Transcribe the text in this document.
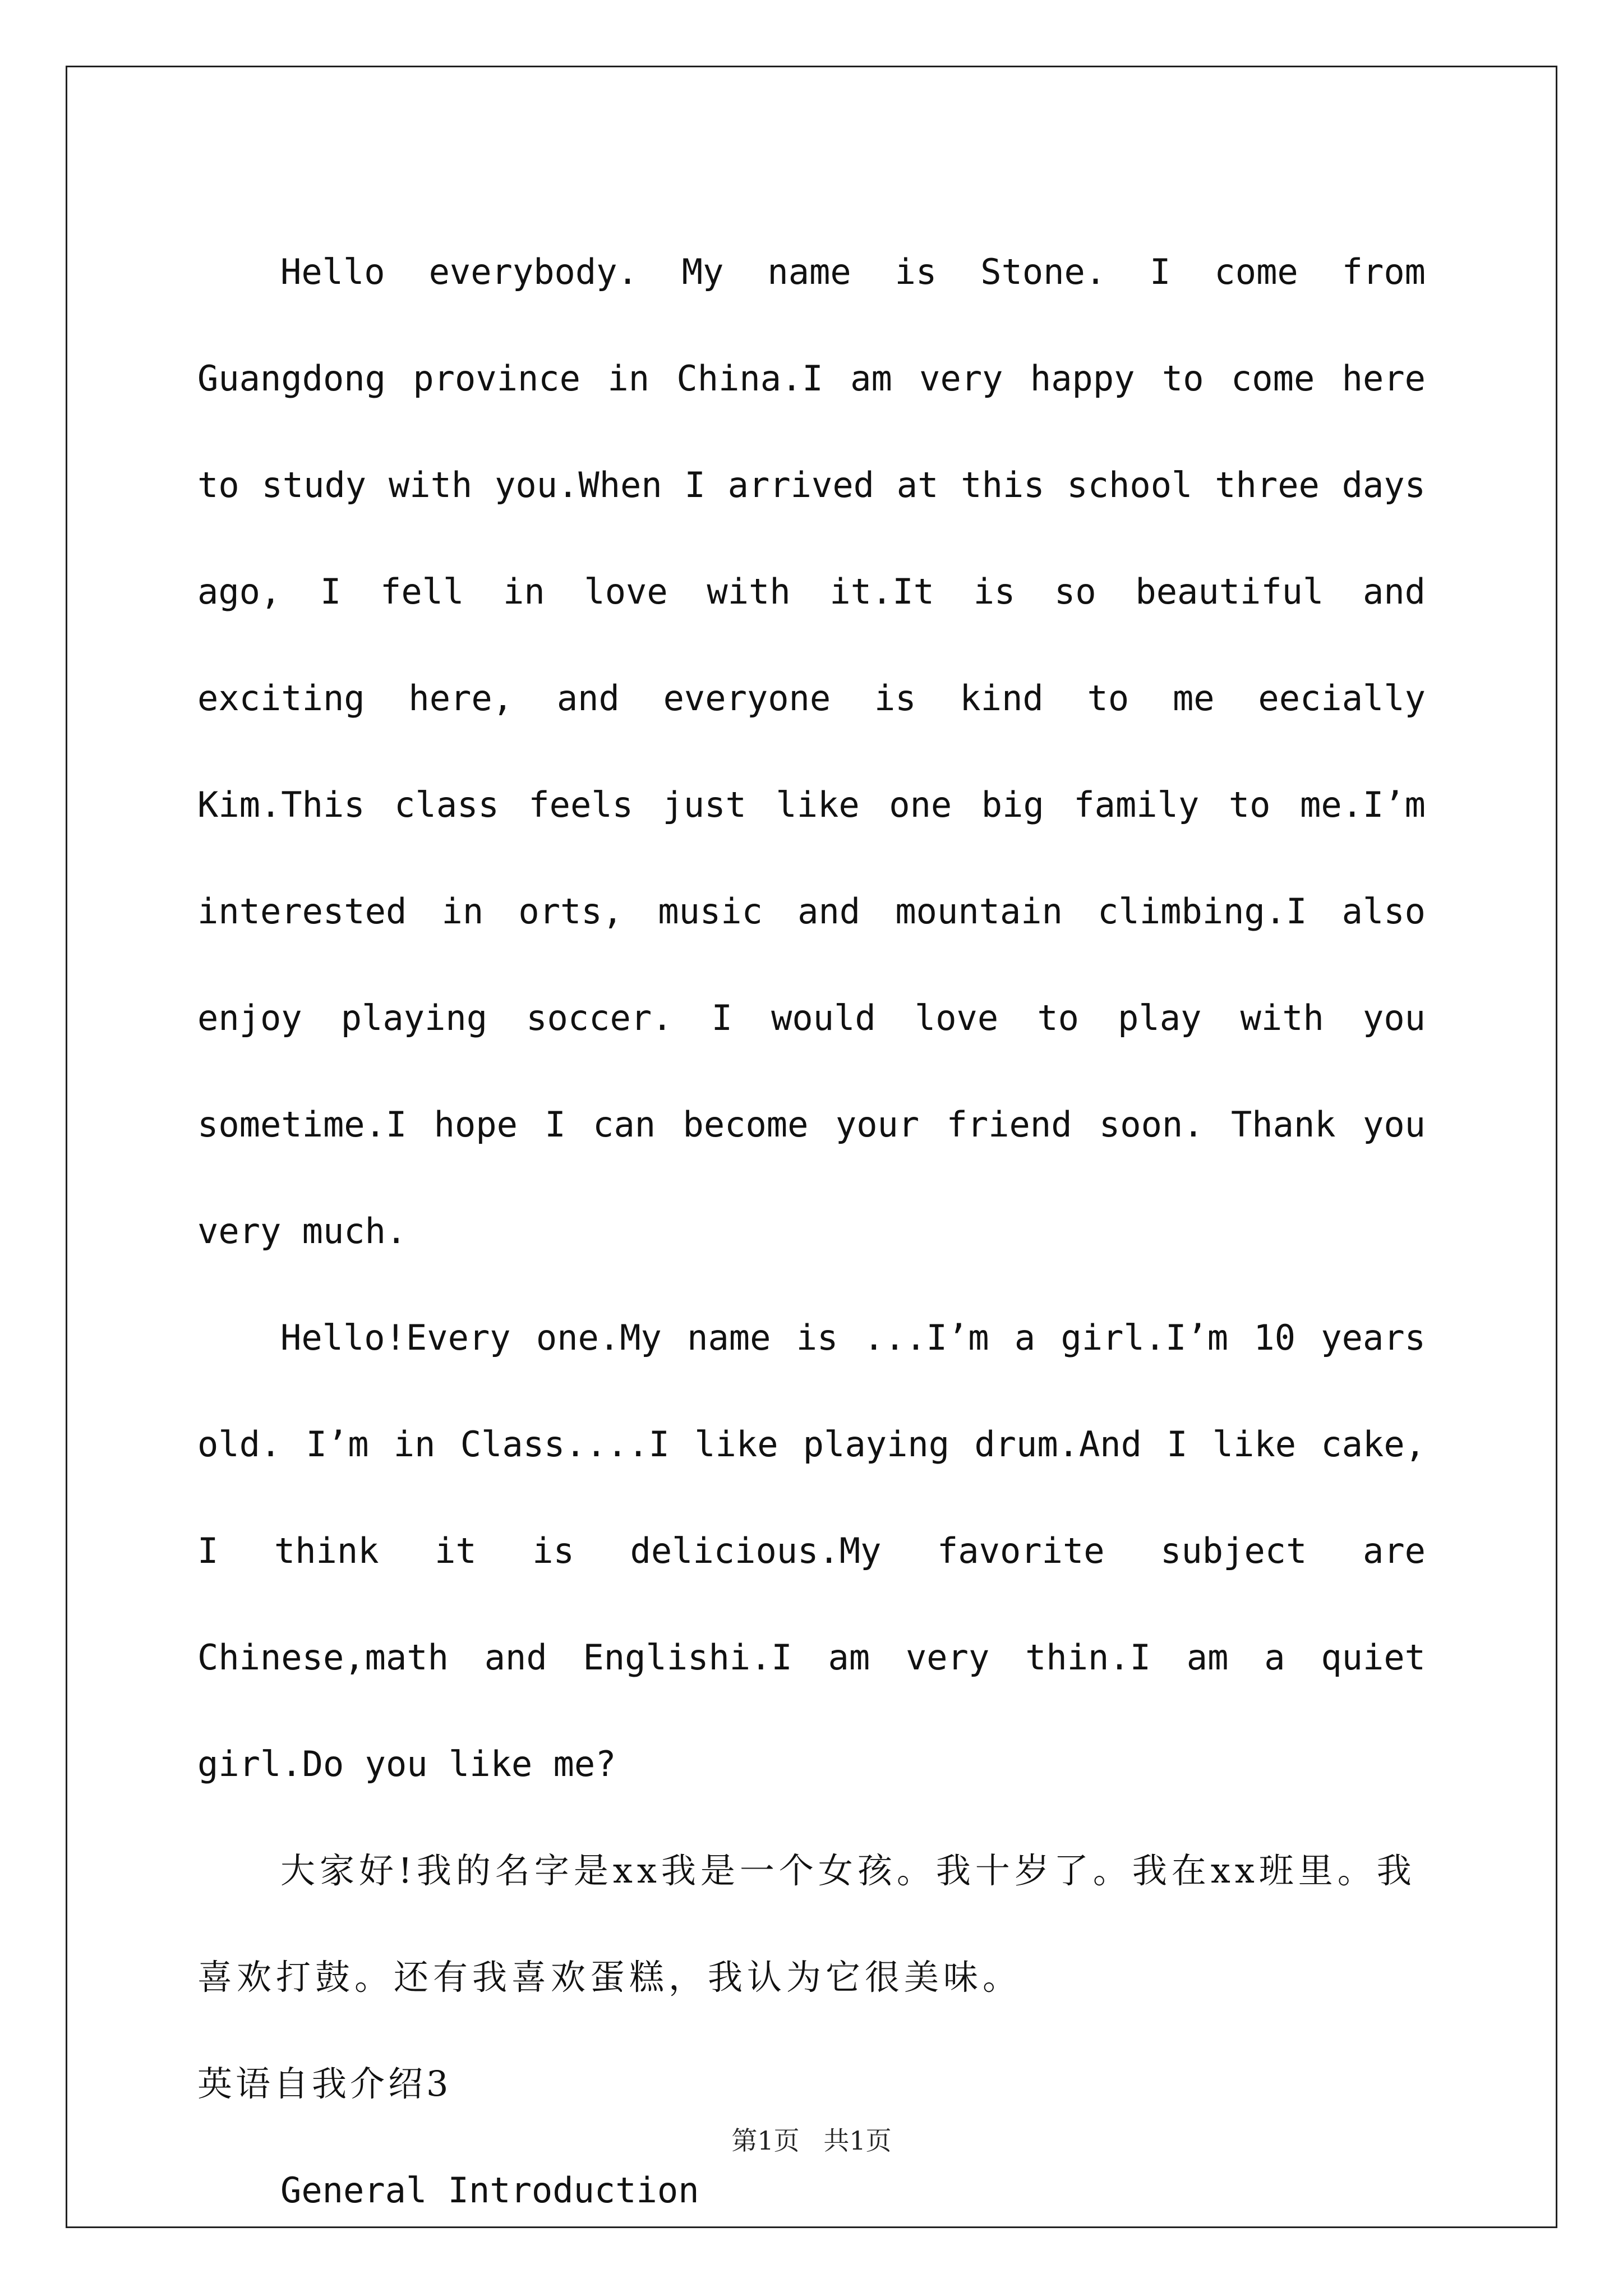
Hello everybody. My name is Stone. I come from Guangdong province in China.I am very happy to come here to study with you.When I arrived at this school three days ago, I fell in love with it.It is so beautiful and exciting here, and everyone is kind to me eecially Kim.This class feels just like one big family to me.I’m interested in orts, music and mountain climbing.I also enjoy playing soccer. I would love to play with you sometime.I hope I can become your friend soon. Thank you very much.

Hello!Every one.My name is ...I’m a girl.I’m 10 years old. I’m in Class....I like playing drum.And I like cake, I think it is delicious.My favorite subject are Chinese,math and Englishi.I am very thin.I am a quiet girl.Do you like me?

大家好!我的名字是xx我是一个女孩。我十岁了。我在xx班里。我喜欢打鼓。还有我喜欢蛋糕，我认为它很美味。

英语自我介绍3

General Introduction

第1页 共1页
